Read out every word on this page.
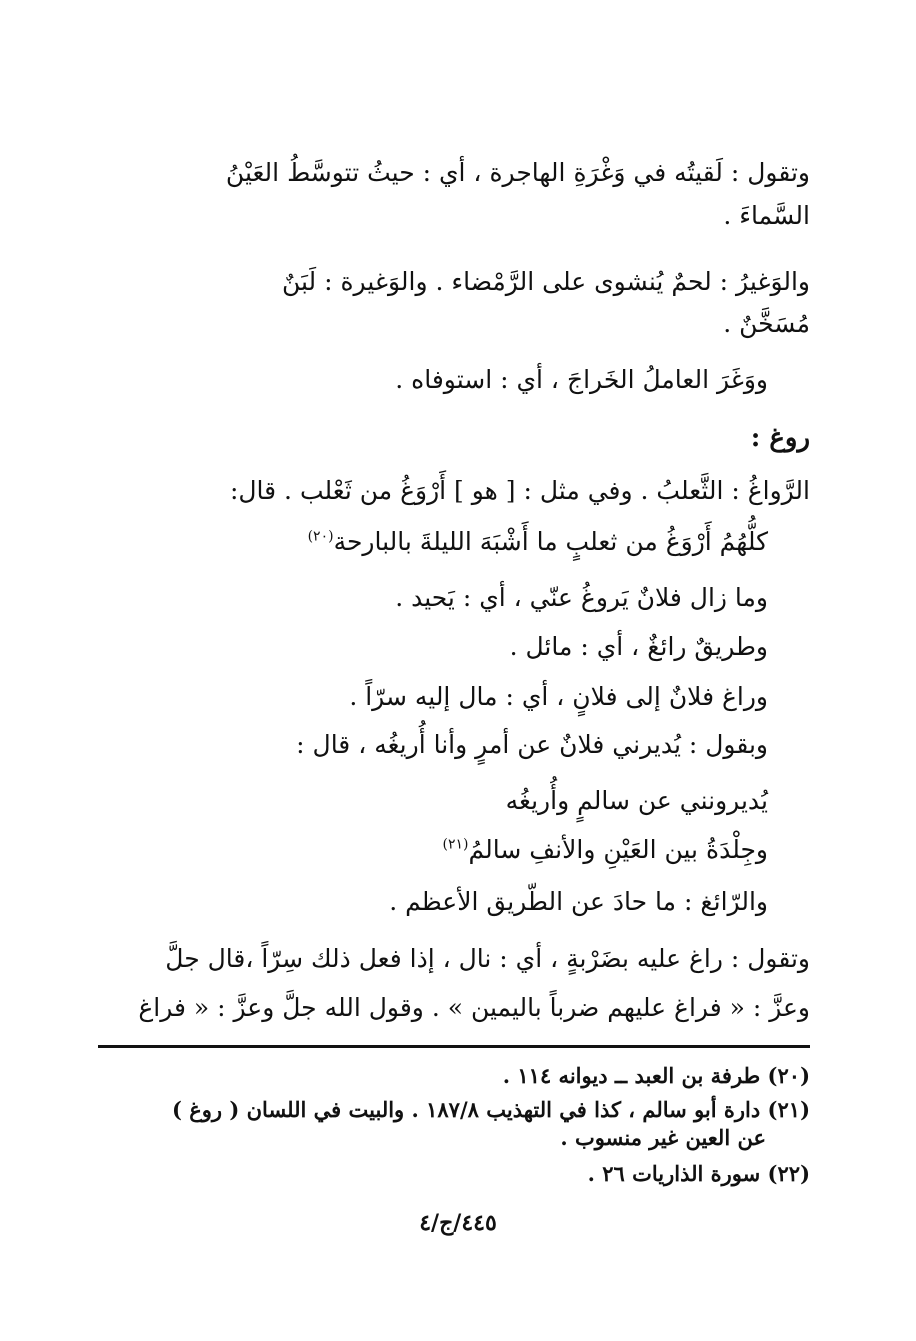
وتقول : لَقيتُه في وَغْرَةِ الهاجرة ، أي : حيثُ تتوسَّطُ العَيْنُ
السَّماءَ .
والوَغيرُ : لحمٌ يُنشوى على الرَّمْضاء . والوَغيرة : لَبَنٌ
مُسَخَّنٌ .
ووَغَرَ العاملُ الخَراجَ ، أي : استوفاه .
روغ :
الرَّواغُ : الثَّعلبُ . وفي مثل : [ هو ] أَرْوَغُ من ثَعْلب . قال:
كلُّهُمُ أَرْوَغُ من ثعلبٍ ما أَشْبَهَ الليلةَ بالبارحة$^{(٢٠)}$
وما زال فلانٌ يَروغُ عنّي ، أي : يَحيد .
وطريقٌ رائغٌ ، أي : مائل .
وراغ فلانٌ إلى فلانٍ ، أي : مال إليه سرّاً .
وبقول : يُديرني فلانٌ عن أمرٍ وأنا أُريغُه ، قال :
يُديرونني عن سالمٍ وأُريغُه
وجِلْدَةُ بين العَيْنِ والأنفِ سالمُ$^{(٢١)}$
والرّائغ : ما حادَ عن الطّريق الأعظم .
وتقول : راغ عليه بضَرْبةٍ ، أي : نال ، إذا فعل ذلك سِرّاً ،قال جلَّ
وعزَّ : « فراغ عليهم ضرباً باليمين » . وقول الله جلَّ وعزَّ : « فراغ
(٢٠) طرفة بن العبد ــ ديوانه ١١٤ .
(٢١) دارة أبو سالم ، كذا في التهذيب ١٨٧/٨ . والبيت في اللسان ( روغ )
عن العين غير منسوب .
(٢٢) سورة الذاريات ٢٦ .
٤٤٥/ج/٤
